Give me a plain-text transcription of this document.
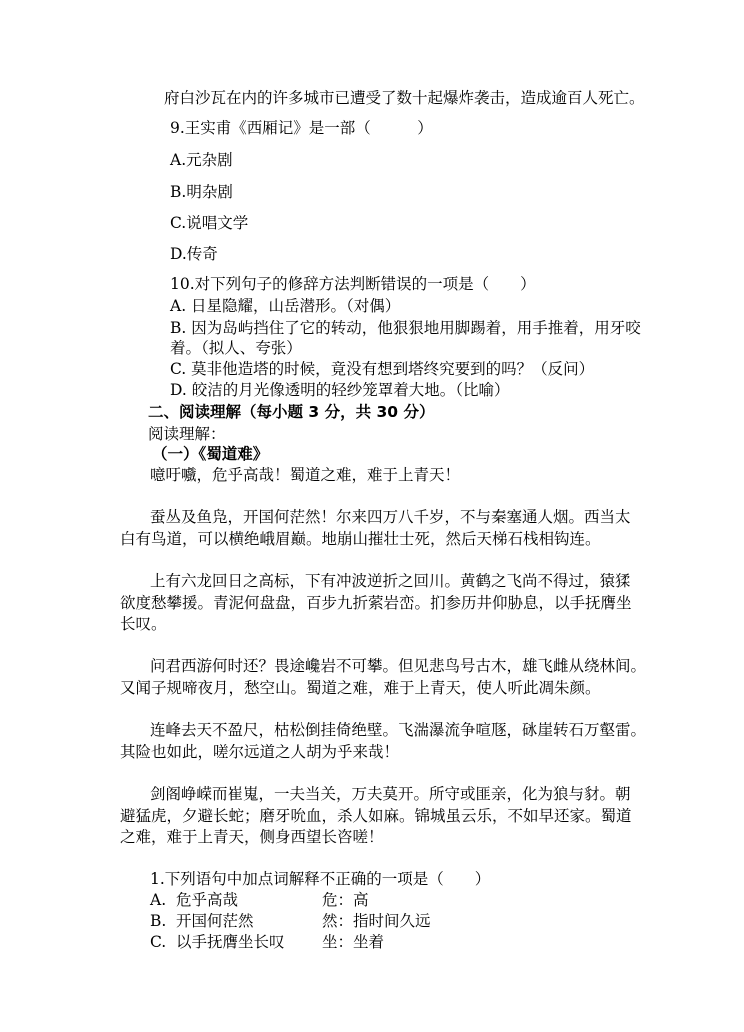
府白沙瓦在内的许多城市已遭受了数十起爆炸袭击，造成逾百人死亡。
9.王实甫《西厢记》是一部（　　　）
A.元杂剧
B.明杂剧
C.说唱文学
D.传奇
10.对下列句子的修辞方法判断错误的一项是（　　）
A. 日星隐耀，山岳潜形。（对偶）
B. 因为岛屿挡住了它的转动，他狠狠地用脚踢着，用手推着，用牙咬
着。（拟人、夸张）
C. 莫非他造塔的时候，竟没有想到塔终究要到的吗？（反问）
D. 皎洁的月光像透明的轻纱笼罩着大地。（比喻）
二、阅读理解（每小题 3 分，共 30 分）
阅读理解：
（一）《蜀道难》
噫吁嚱，危乎高哉！蜀道之难，难于上青天！
蚕丛及鱼凫，开国何茫然！尔来四万八千岁，不与秦塞通人烟。西当太
白有鸟道，可以横绝峨眉巅。地崩山摧壮士死，然后天梯石栈相钩连。
上有六龙回日之高标，下有冲波逆折之回川。黄鹤之飞尚不得过，猿猱
欲度愁攀援。青泥何盘盘，百步九折萦岩峦。扪参历井仰胁息，以手抚膺坐
长叹。
问君西游何时还？畏途巉岩不可攀。但见悲鸟号古木，雄飞雌从绕林间。
又闻子规啼夜月，愁空山。蜀道之难，难于上青天，使人听此凋朱颜。
连峰去天不盈尺，枯松倒挂倚绝壁。飞湍瀑流争喧豗，砯崖转石万壑雷。
其险也如此，嗟尔远道之人胡为乎来哉！
剑阁峥嵘而崔嵬，一夫当关，万夫莫开。所守或匪亲，化为狼与豺。朝
避猛虎，夕避长蛇；磨牙吮血，杀人如麻。锦城虽云乐，不如早还家。蜀道
之难，难于上青天，侧身西望长咨嗟！
1.下列语句中加点词解释不正确的一项是（　　）
A. 危乎高哉	危：高
B. 开国何茫然	然：指时间久远
C. 以手抚膺坐长叹 坐：坐着
